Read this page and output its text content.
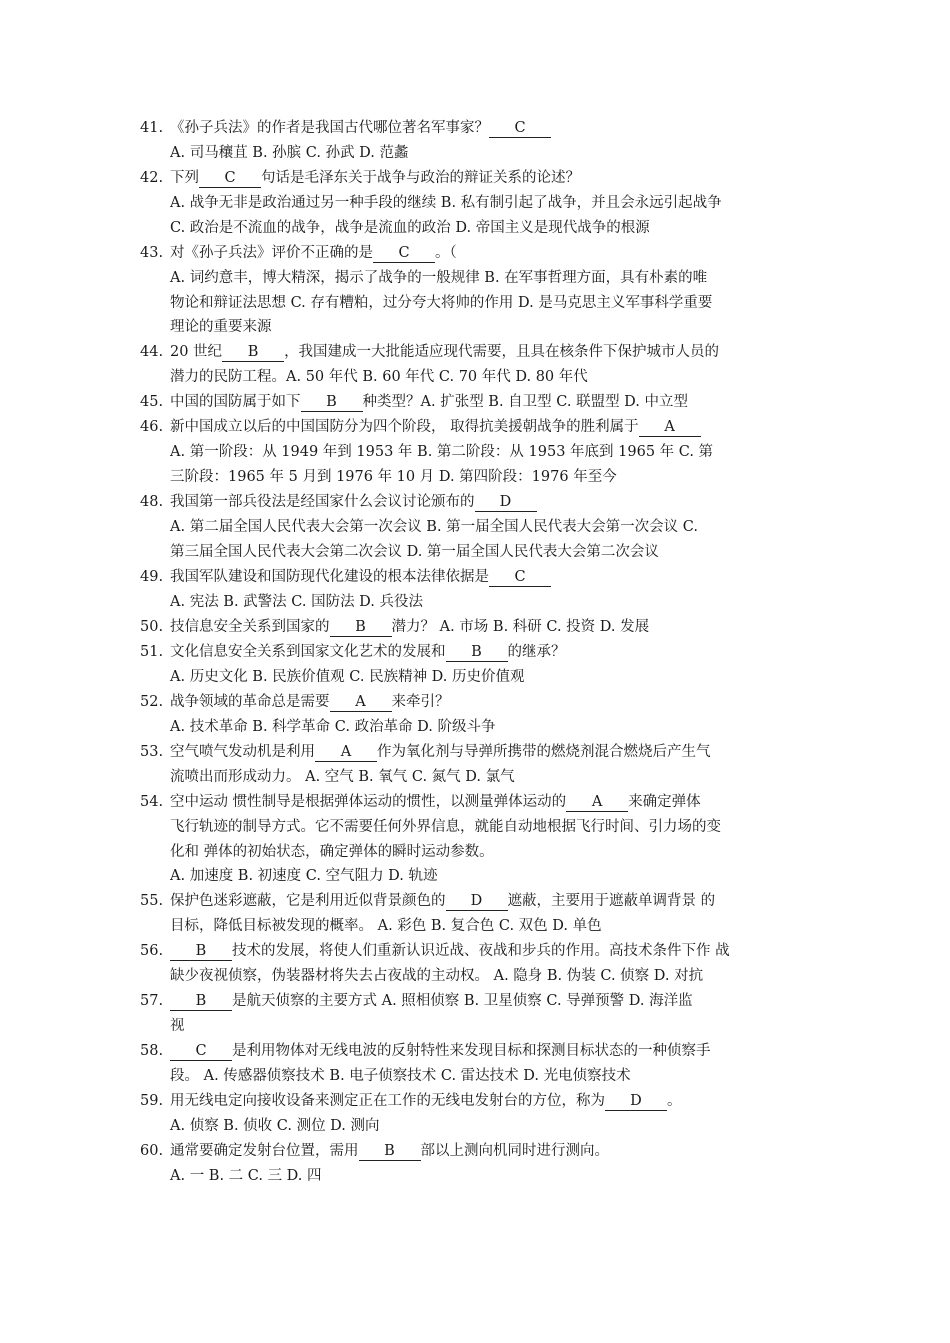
41. 《孙子兵法》的作者是我国古代哪位著名军事家？ C
A. 司马穰苴 B. 孙膑 C. 孙武 D. 范蠡
42. 下列 C 句话是毛泽东关于战争与政治的辩证关系的论述？
A. 战争无非是政治通过另一种手段的继续 B. 私有制引起了战争，并且会永远引起战争
C. 政治是不流血的战争，战争是流血的政治 D. 帝国主义是现代战争的根源
43. 对《孙子兵法》评价不正确的是 C 。（
A. 词约意丰，博大精深，揭示了战争的一般规律 B. 在军事哲理方面，具有朴素的唯
物论和辩证法思想 C. 存有糟粕，过分夸大将帅的作用 D. 是马克思主义军事科学重要
理论的重要来源
44. 20 世纪 B ，我国建成一大批能适应现代需要，且具在核条件下保护城市人员的
潜力的民防工程。A. 50 年代 B. 60 年代 C. 70 年代 D. 80 年代
45. 中国的国防属于如下 B 种类型？A. 扩张型 B. 自卫型 C. 联盟型 D. 中立型
46. 新中国成立以后的中国国防分为四个阶段， 取得抗美援朝战争的胜利属于 A
A. 第一阶段：从 1949 年到 1953 年 B. 第二阶段：从 1953 年底到 1965 年 C. 第
三阶段：1965 年 5 月到 1976 年 10 月 D. 第四阶段：1976 年至今
48. 我国第一部兵役法是经国家什么会议讨论颁布的 D
A. 第二届全国人民代表大会第一次会议 B. 第一届全国人民代表大会第一次会议 C.
第三届全国人民代表大会第二次会议 D. 第一届全国人民代表大会第二次会议
49. 我国军队建设和国防现代化建设的根本法律依据是 C
A. 宪法 B. 武警法 C. 国防法 D. 兵役法
50. 技信息安全关系到国家的 B 潜力？ A. 市场 B. 科研 C. 投资 D. 发展
51. 文化信息安全关系到国家文化艺术的发展和 B 的继承？
A. 历史文化 B. 民族价值观 C. 民族精神 D. 历史价值观
52. 战争领域的革命总是需要 A 来牵引？
A. 技术革命 B. 科学革命 C. 政治革命 D. 阶级斗争
53. 空气喷气发动机是利用 A 作为氧化剂与导弹所携带的燃烧剂混合燃烧后产生气
流喷出而形成动力。 A. 空气 B. 氧气 C. 氮气 D. 氯气
54. 空中运动 惯性制导是根据弹体运动的惯性，以测量弹体运动的 A 来确定弹体
飞行轨迹的制导方式。它不需要任何外界信息，就能自动地根据飞行时间、引力场的变
化和 弹体的初始状态，确定弹体的瞬时运动参数。
A. 加速度 B. 初速度 C. 空气阻力 D. 轨迹
55. 保护色迷彩遮蔽，它是利用近似背景颜色的 D 遮蔽，主要用于遮蔽单调背景 的
目标，降低目标被发现的概率。 A. 彩色 B. 复合色 C. 双色 D. 单色
56. B 技术的发展，将使人们重新认识近战、夜战和步兵的作用。高技术条件下作 战
缺少夜视侦察，伪装器材将失去占夜战的主动权。 A. 隐身 B. 伪装 C. 侦察 D. 对抗
57. B 是航天侦察的主要方式 A. 照相侦察 B. 卫星侦察 C. 导弹预警 D. 海洋监
视
58. C 是利用物体对无线电波的反射特性来发现目标和探测目标状态的一种侦察手
段。 A. 传感器侦察技术 B. 电子侦察技术 C. 雷达技术 D. 光电侦察技术
59. 用无线电定向接收设备来测定正在工作的无线电发射台的方位，称为 D 。
A. 侦察 B. 侦收 C. 测位 D. 测向
60. 通常要确定发射台位置，需用 B 部以上测向机同时进行测向。
A. 一 B. 二 C. 三 D. 四
